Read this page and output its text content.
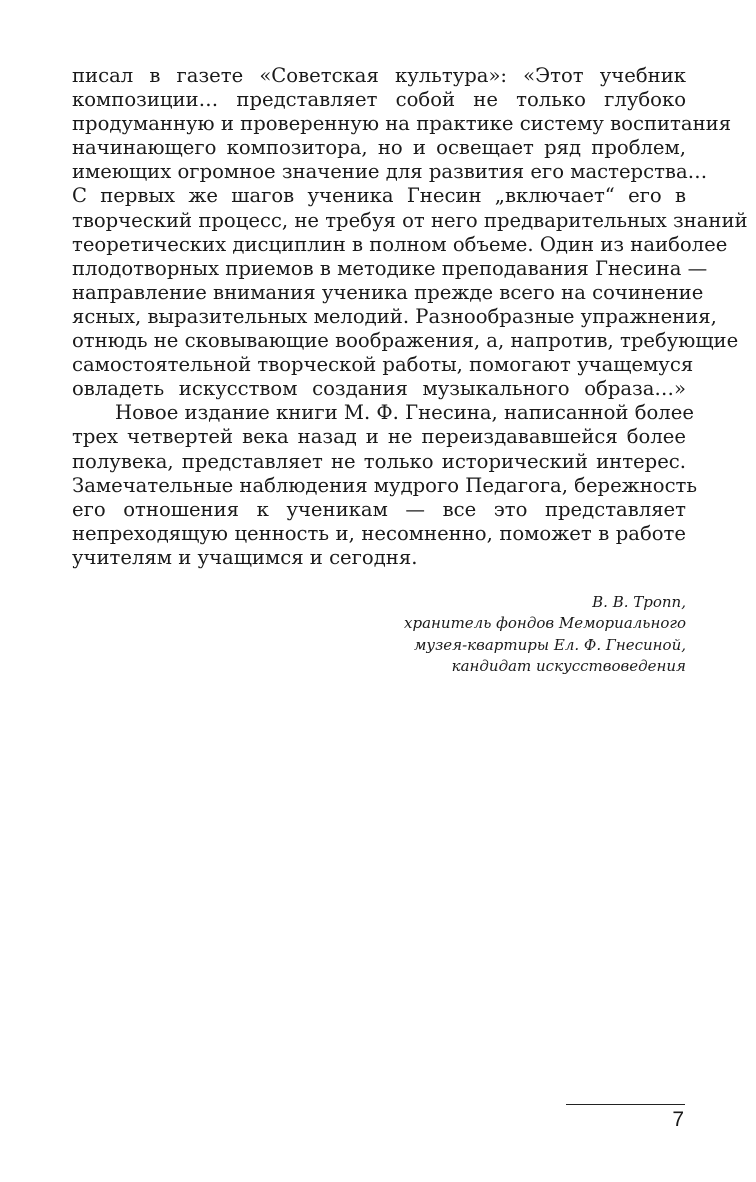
писал в газете «Советская культура»: «Этот учебник
композиции… представляет собой не только глубоко
продуманную и проверенную на практике систему воспитания
начинающего композитора, но и освещает ряд проблем,
имеющих огромное значение для развития его мастерства…
С первых же шагов ученика Гнесин „включает“ его в
творческий процесс, не требуя от него предварительных знаний
теоретических дисциплин в полном объеме. Один из наиболее
плодотворных приемов в методике преподавания Гнесина —
направление внимания ученика прежде всего на сочинение
ясных, выразительных мелодий. Разнообразные упражнения,
отнюдь не сковывающие воображения, а, напротив, требующие
самостоятельной творческой работы, помогают учащемуся
овладеть искусством создания музыкального образа…»

Новое издание книги М. Ф. Гнесина, написанной более
трех четвертей века назад и не переиздававшейся более
полувека, представляет не только исторический интерес.
Замечательные наблюдения мудрого Педагога, бережность
его отношения к ученикам — все это представляет
непреходящую ценность и, несомненно, поможет в работе
учителям и учащимся и сегодня.

В. В. Тропп,
хранитель фондов Мемориального
музея-квартиры Ел. Ф. Гнесиной,
кандидат искусствоведения
7
